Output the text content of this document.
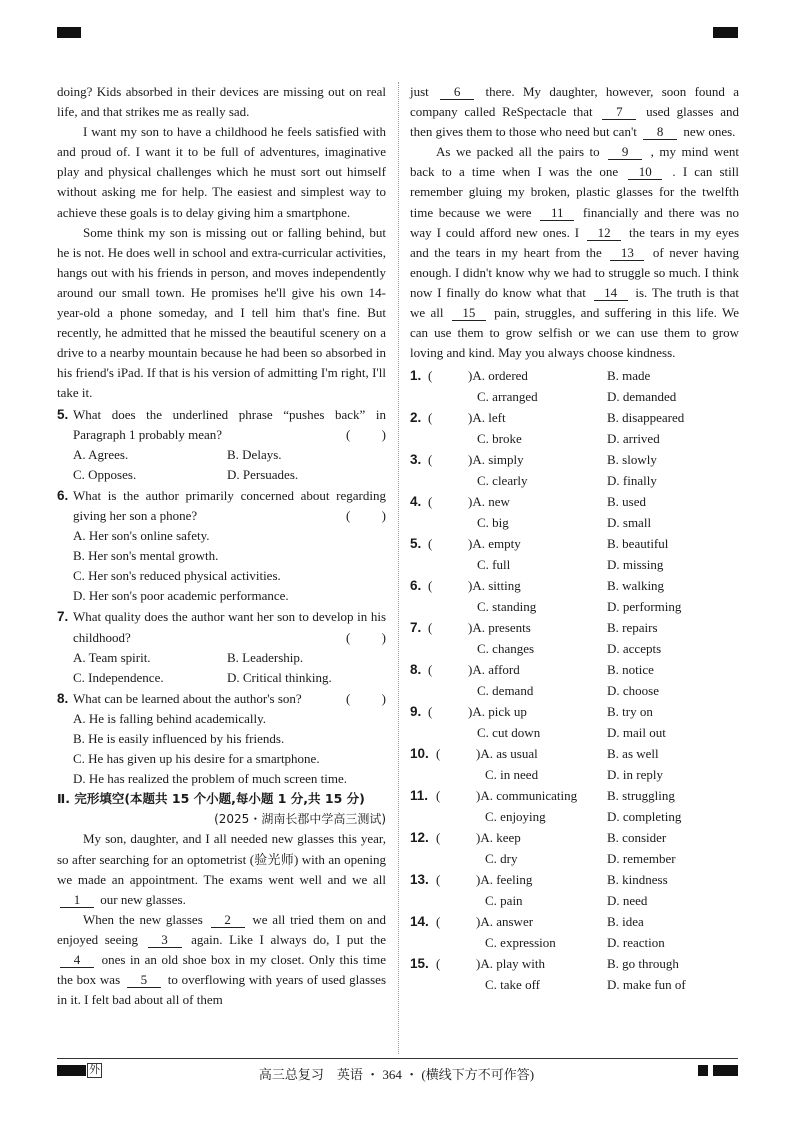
doing? Kids absorbed in their devices are missing out on real life, and that strikes me as really sad.

I want my son to have a childhood he feels satisfied with and proud of. I want it to be full of adventures, imaginative play and physical challenges which he must sort out himself without asking me for help. The easiest and simplest way to achieve these goals is to delay giving him a smartphone.

Some think my son is missing out or falling behind, but he is not. He does well in school and extra-curricular activities, hangs out with his friends in person, and moves independently around our small town. He promises he'll give his own 14-year-old a phone someday, and I tell him that's fine. But recently, he admitted that he missed the beautiful scenery on a drive to a nearby mountain because he had been so absorbed in his friend's iPad. If that is his version of admitting I'm right, I'll take it.

5. What does the underlined phrase “pushes back” in Paragraph 1 probably mean?	( )
A. Agrees.	B. Delays.
C. Opposes.	D. Persuades.
6. What is the author primarily concerned about regarding giving her son a phone?	( )
A. Her son's online safety.
B. Her son's mental growth.
C. Her son's reduced physical activities.
D. Her son's poor academic performance.
7. What quality does the author want her son to develop in his childhood?	( )
A. Team spirit.	B. Leadership.
C. Independence.	D. Critical thinking.
8. What can be learned about the author's son?	( )
A. He is falling behind academically.
B. He is easily influenced by his friends.
C. He has given up his desire for a smartphone.
D. He has realized the problem of much screen time.
Ⅱ. 完形填空(本题共 15 个小题,每小题 1 分,共 15 分)
(2025・湖南长郡中学高三测试)

My son, daughter, and I all needed new glasses this year, so after searching for an optometrist (验光师) with an opening we made an appointment. The exams went well and we all 1 our new glasses.

When the new glasses 2 we all tried them on and enjoyed seeing 3 again. Like I always do, I put the 4 ones in an old shoe box in my closet. Only this time the box was 5 to overflowing with years of used glasses in it. I felt bad about all of them

just 6 there. My daughter, however, soon found a company called ReSpectacle that 7 used glasses and then gives them to those who need but can't 8 new ones.

As we packed all the pairs to 9 , my mind went back to a time when I was the one 10 . I can still remember gluing my broken, plastic glasses for the twelfth time because we were 11 financially and there was no way I could afford new ones. I 12 the tears in my eyes and the tears in my heart from the 13 of never having enough. I didn't know why we had to struggle so much. I think now I finally do know what that 14 is. The truth is that we all 15 pain, struggles, and suffering in this life. We can use them to grow selfish or we can use them to grow loving and kind. May you always choose kindness.

1. (	)A. ordered	B. made
C. arranged	D. demanded
2. (	)A. left	B. disappeared
C. broke	D. arrived
3. (	)A. simply	B. slowly
C. clearly	D. finally
4. (	)A. new	B. used
C. big	D. small
5. (	)A. empty	B. beautiful
C. full	D. missing
6. (	)A. sitting	B. walking
C. standing	D. performing
7. (	)A. presents	B. repairs
C. changes	D. accepts
8. (	)A. afford	B. notice
C. demand	D. choose
9. (	)A. pick up	B. try on
C. cut down	D. mail out
10. (	)A. as usual	B. as well
C. in need	D. in reply
11. (	)A. communicating	B. struggling
C. enjoying	D. completing
12. (	)A. keep	B. consider
C. dry	D. remember
13. (	)A. feeling	B. kindness
C. pain	D. need
14. (	)A. answer	B. idea
C. expression	D. reaction
15. (	)A. play with	B. go through
C. take off	D. make fun of
外	高三总复习　英语 ・ 364 ・ (横线下方不可作答)
